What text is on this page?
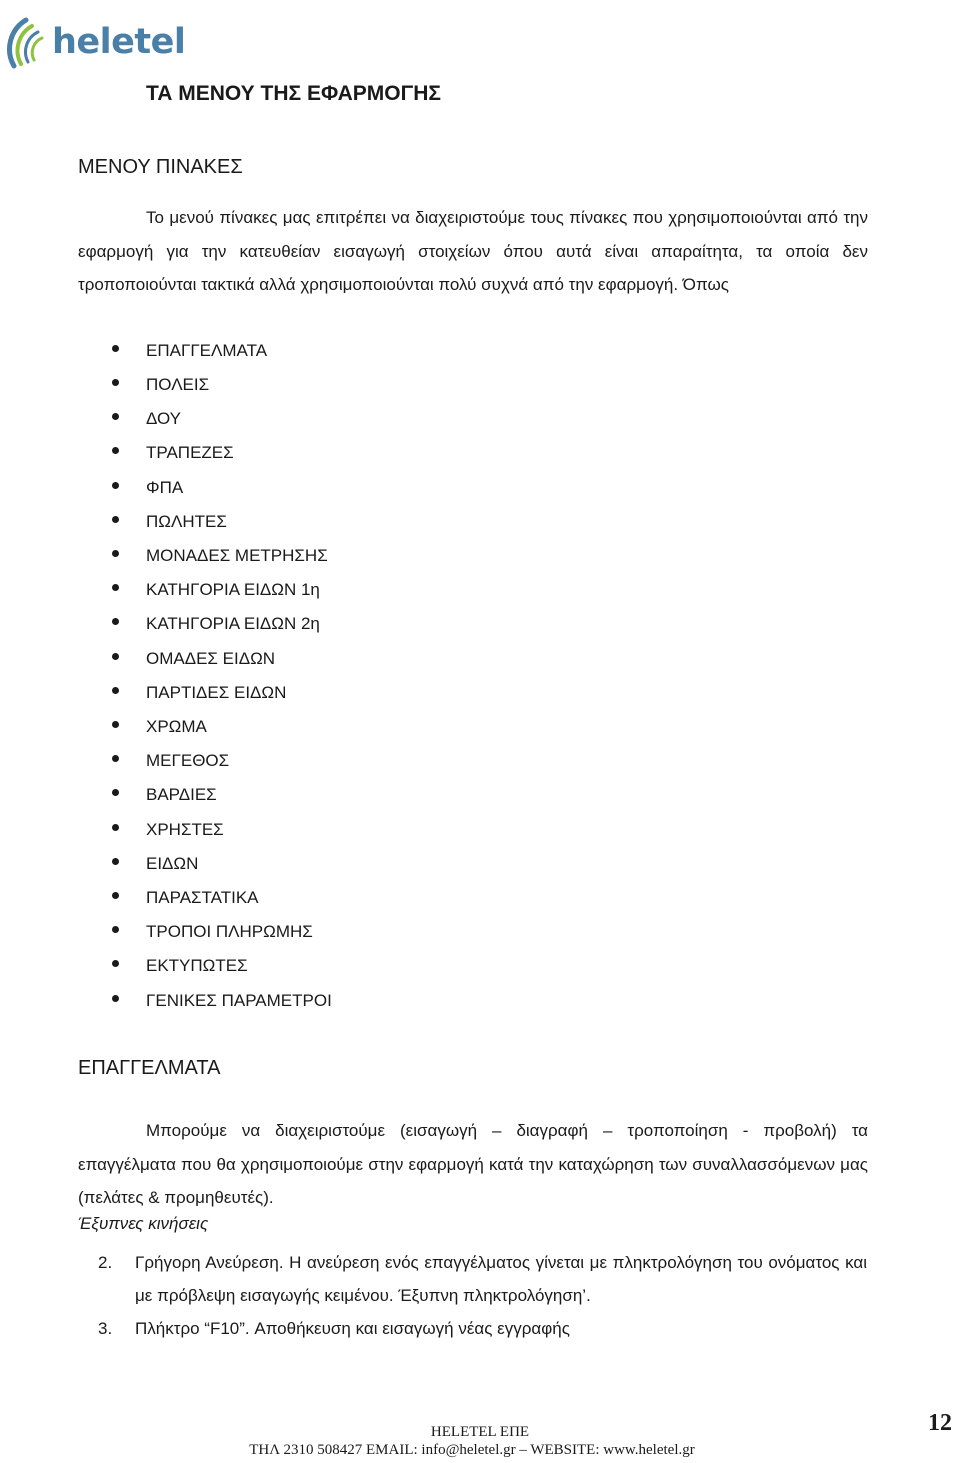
heletel
ΤΑ ΜΕΝΟΥ ΤΗΣ ΕΦΑΡΜΟΓΗΣ
ΜΕΝΟΥ ΠΙΝΑΚΕΣ

Το μενού πίνακες μας επιτρέπει να διαχειριστούμε τους πίνακες που χρησιμοποιούνται από την εφαρμογή για την κατευθείαν εισαγωγή στοιχείων όπου αυτά είναι απαραίτητα, τα οποία δεν τροποποιούνται τακτικά αλλά χρησιμοποιούνται πολύ συχνά από την εφαρμογή. Όπως

ΕΠΑΓΓΕΛΜΑΤΑ
ΠΟΛΕΙΣ
ΔΟΥ
ΤΡΑΠΕΖΕΣ
ΦΠΑ
ΠΩΛΗΤΕΣ
ΜΟΝΑΔΕΣ ΜΕΤΡΗΣΗΣ
ΚΑΤΗΓΟΡΙΑ ΕΙΔΩΝ 1η
ΚΑΤΗΓΟΡΙΑ ΕΙΔΩΝ 2η
ΟΜΑΔΕΣ ΕΙΔΩΝ
ΠΑΡΤΙΔΕΣ ΕΙΔΩΝ
ΧΡΩΜΑ
ΜΕΓΕΘΟΣ
ΒΑΡΔΙΕΣ
ΧΡΗΣΤΕΣ
ΕΙΔΩΝ
ΠΑΡΑΣΤΑΤΙΚΑ
ΤΡΟΠΟΙ ΠΛΗΡΩΜΗΣ
ΕΚΤΥΠΩΤΕΣ
ΓΕΝΙΚΕΣ ΠΑΡΑΜΕΤΡΟΙ
ΕΠΑΓΓΕΛΜΑΤΑ

Μπορούμε να διαχειριστούμε (εισαγωγή – διαγραφή – τροποποίηση - προβολή) τα επαγγέλματα που θα χρησιμοποιούμε στην εφαρμογή κατά την καταχώρηση των συναλλασσόμενων μας (πελάτες & προμηθευτές).

Έξυπνες κινήσεις
2. Γρήγορη Ανεύρεση. Η ανεύρεση ενός επαγγέλματος γίνεται με πληκτρολόγηση του ονόματος και με πρόβλεψη εισαγωγής κειμένου. Έξυπνη πληκτρολόγηση’.
3. Πλήκτρο “F10”. Αποθήκευση και εισαγωγή νέας εγγραφής
HELETEL ΕΠΕ
ΤΗΛ 2310 508427 EMAIL: info@heletel.gr – WEBSITE: www.heletel.gr
12
